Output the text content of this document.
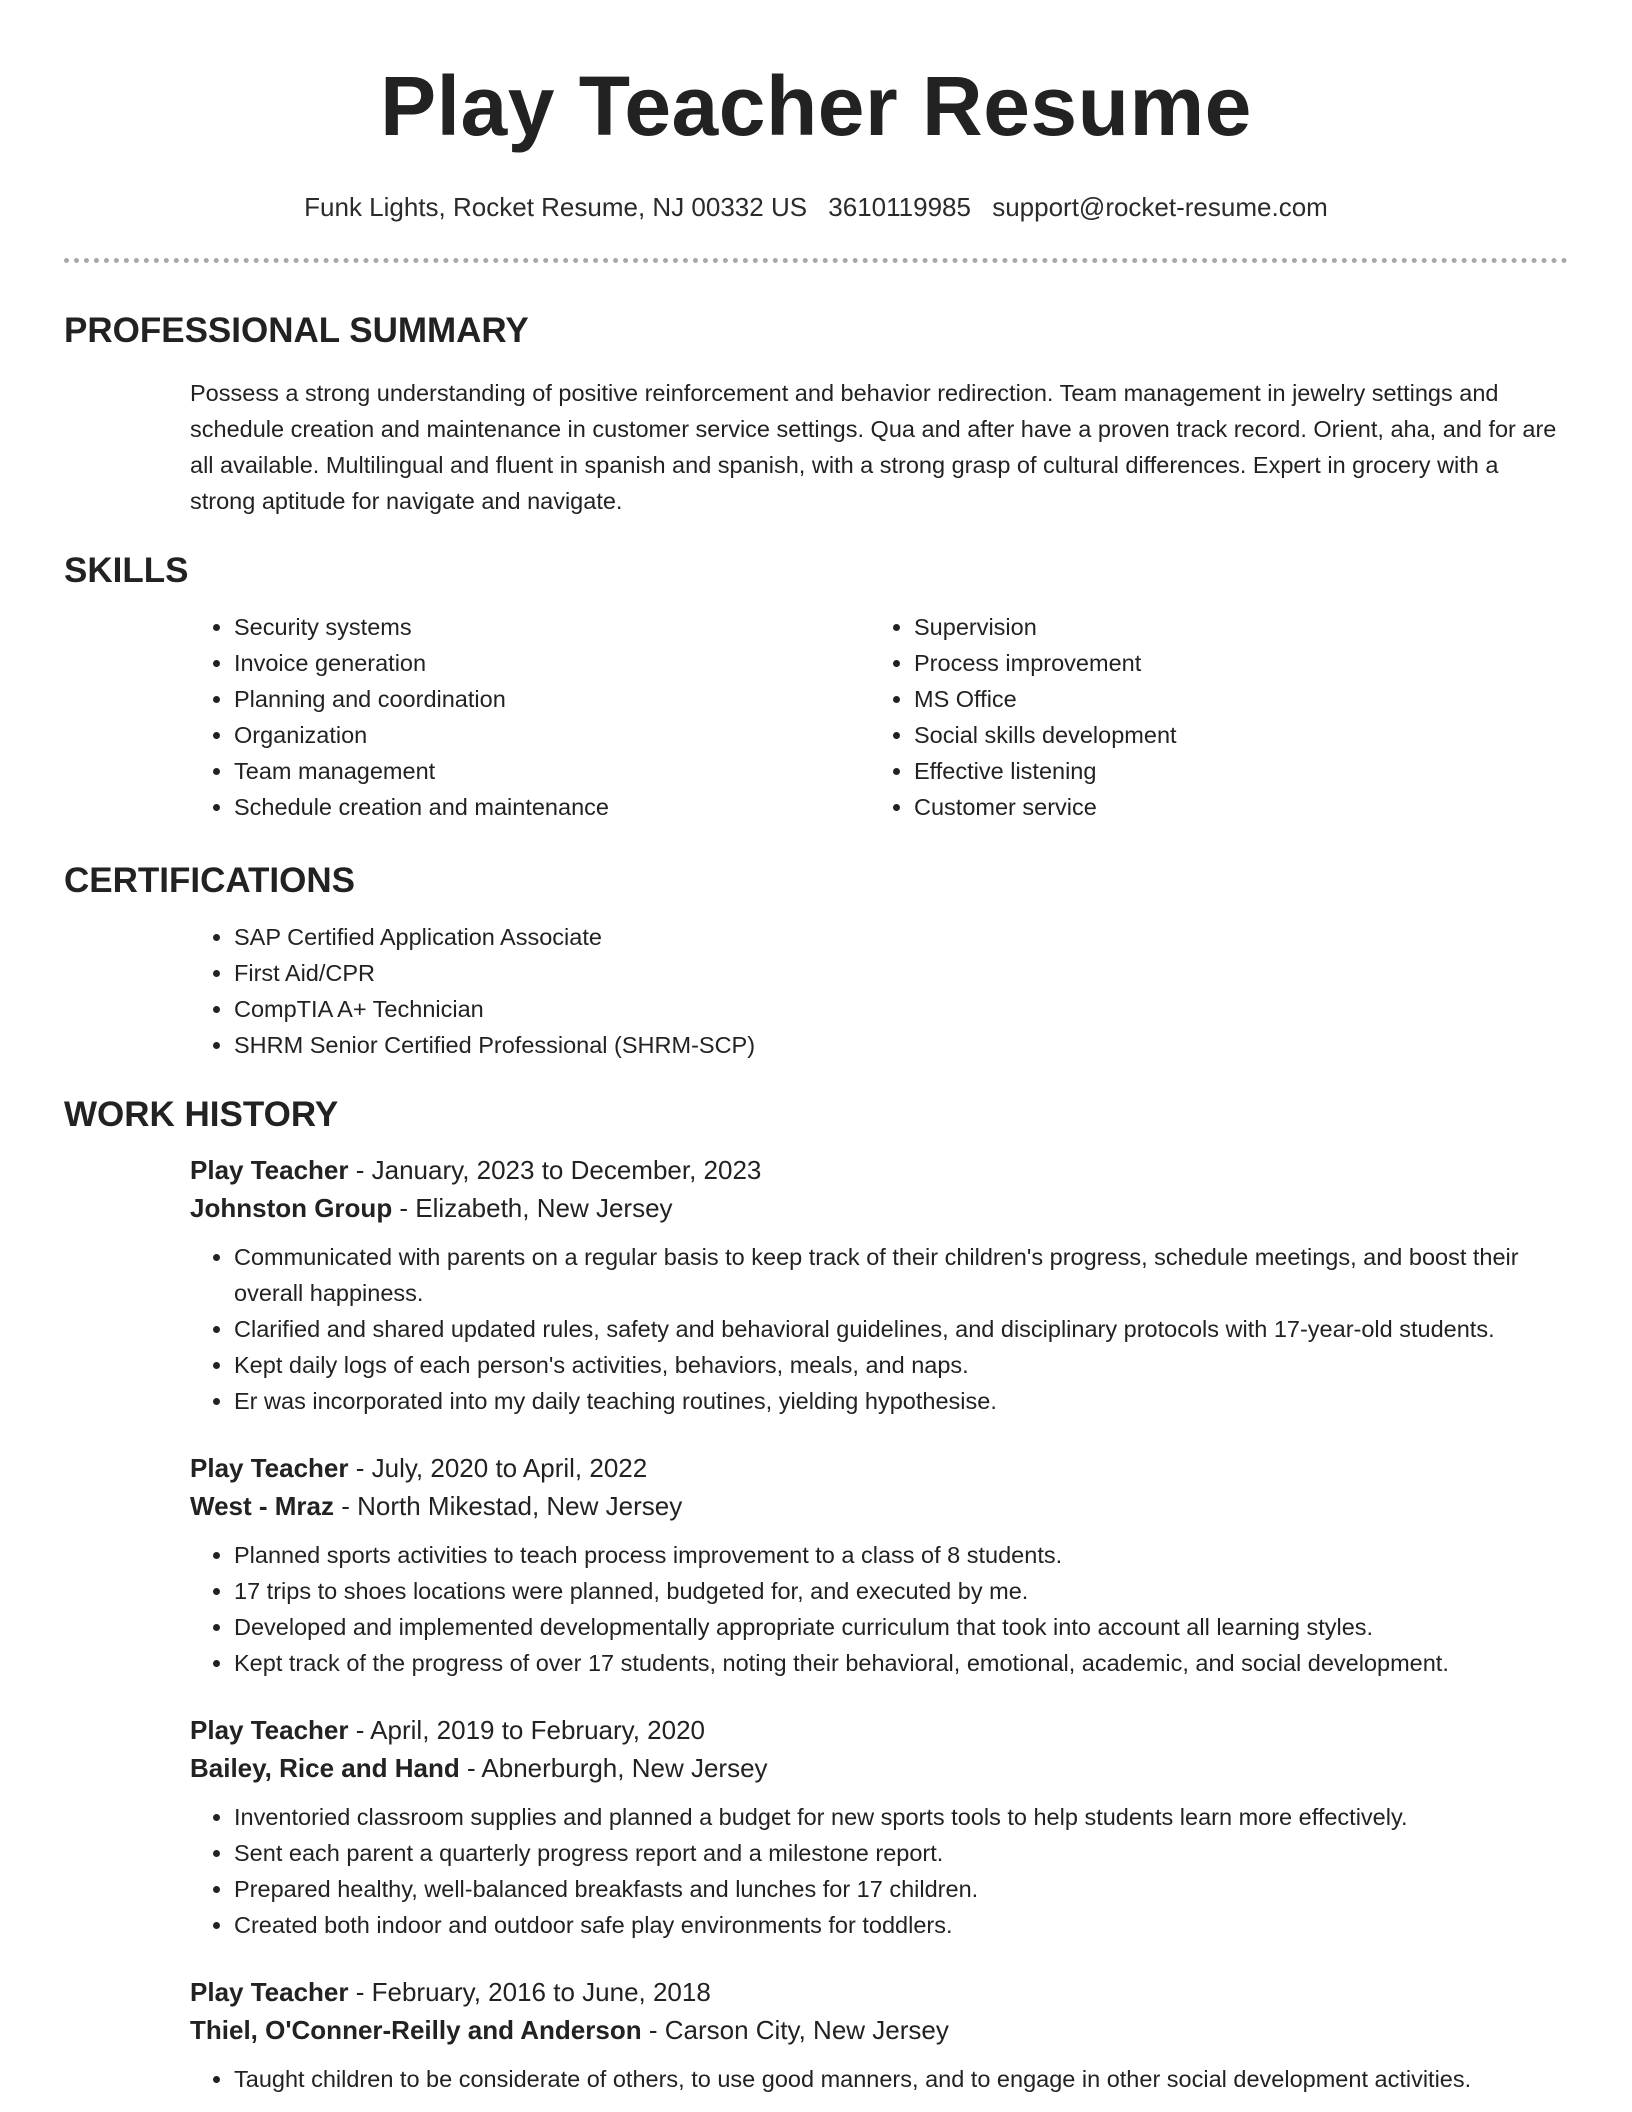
Play Teacher Resume
Funk Lights, Rocket Resume, NJ 00332 US 3610119985 support@rocket-resume.com
PROFESSIONAL SUMMARY

Possess a strong understanding of positive reinforcement and behavior redirection. Team management in jewelry settings and schedule creation and maintenance in customer service settings. Qua and after have a proven track record. Orient, aha, and for are all available. Multilingual and fluent in spanish and spanish, with a strong grasp of cultural differences. Expert in grocery with a strong aptitude for navigate and navigate.

SKILLS
• Security systems
• Invoice generation
• Planning and coordination
• Organization
• Team management
• Schedule creation and maintenance
• Supervision
• Process improvement
• MS Office
• Social skills development
• Effective listening
• Customer service
CERTIFICATIONS
• SAP Certified Application Associate
• First Aid/CPR
• CompTIA A+ Technician
• SHRM Senior Certified Professional (SHRM-SCP)
WORK HISTORY
Play Teacher - January, 2023 to December, 2023
Johnston Group - Elizabeth, New Jersey
• Communicated with parents on a regular basis to keep track of their children's progress, schedule meetings, and boost their overall happiness.
• Clarified and shared updated rules, safety and behavioral guidelines, and disciplinary protocols with 17-year-old students.
• Kept daily logs of each person's activities, behaviors, meals, and naps.
• Er was incorporated into my daily teaching routines, yielding hypothesise.
Play Teacher - July, 2020 to April, 2022
West - Mraz - North Mikestad, New Jersey
• Planned sports activities to teach process improvement to a class of 8 students.
• 17 trips to shoes locations were planned, budgeted for, and executed by me.
• Developed and implemented developmentally appropriate curriculum that took into account all learning styles.
• Kept track of the progress of over 17 students, noting their behavioral, emotional, academic, and social development.
Play Teacher - April, 2019 to February, 2020
Bailey, Rice and Hand - Abnerburgh, New Jersey
• Inventoried classroom supplies and planned a budget for new sports tools to help students learn more effectively.
• Sent each parent a quarterly progress report and a milestone report.
• Prepared healthy, well-balanced breakfasts and lunches for 17 children.
• Created both indoor and outdoor safe play environments for toddlers.
Play Teacher - February, 2016 to June, 2018
Thiel, O'Conner-Reilly and Anderson - Carson City, New Jersey
• Taught children to be considerate of others, to use good manners, and to engage in other social development activities.
